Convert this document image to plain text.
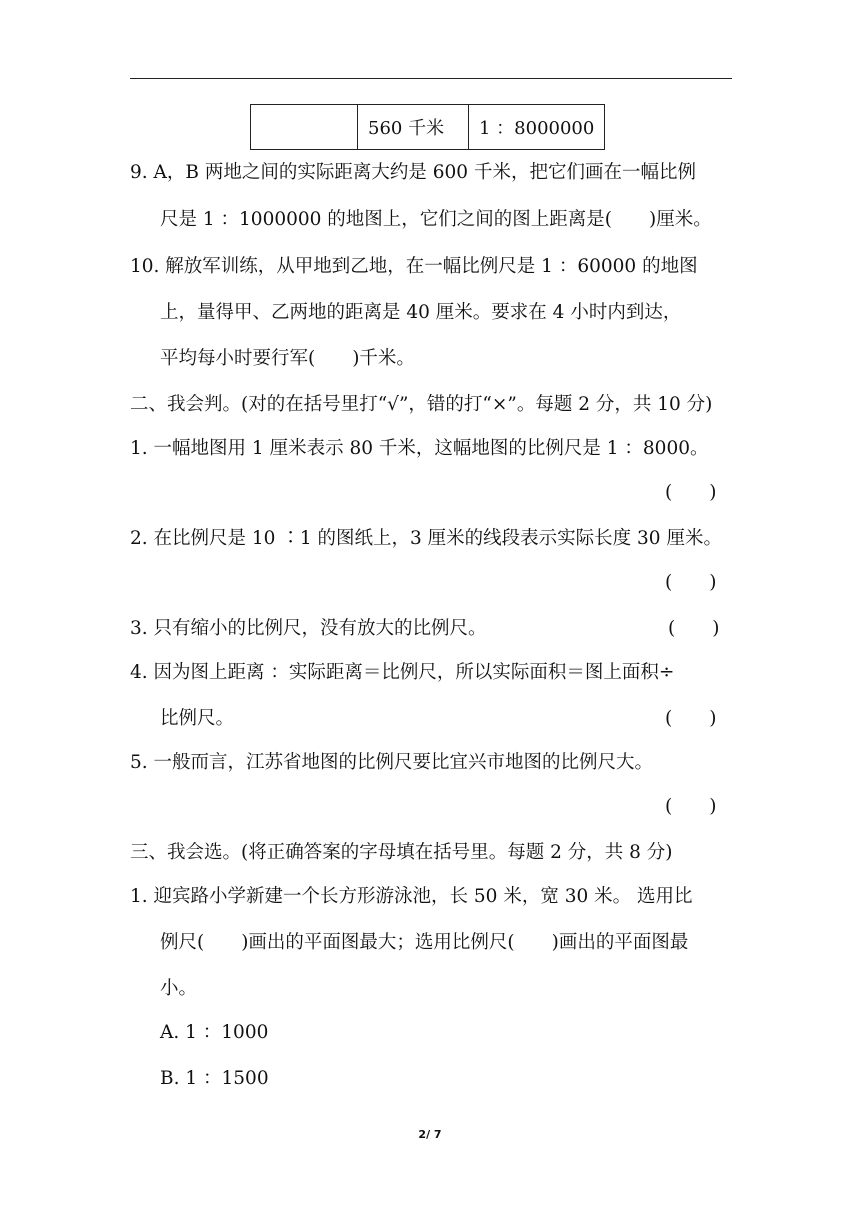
	560 千米	1 ：8000000
9. A，B 两地之间的实际距离大约是 600 千米，把它们画在一幅比例
尺是 1 ：1000000 的地图上，它们之间的图上距离是(　　)厘米。
10. 解放军训练，从甲地到乙地，在一幅比例尺是 1 ：60000 的地图
上，量得甲、乙两地的距离是 40 厘米。要求在 4 小时内到达，
平均每小时要行军(　　)千米。
二、我会判。(对的在括号里打“√”，错的打“×”。每题 2 分，共 10 分)
1. 一幅地图用 1 厘米表示 80 千米，这幅地图的比例尺是 1 ：8000。
(　　)
2. 在比例尺是 10 ∶1 的图纸上，3 厘米的线段表示实际长度 30 厘米。
(　　)
3. 只有缩小的比例尺，没有放大的比例尺。	(　　)
4. 因为图上距离 ：实际距离＝比例尺，所以实际面积＝图上面积÷
比例尺。	(　　)
5. 一般而言，江苏省地图的比例尺要比宜兴市地图的比例尺大。
(　　)
三、我会选。(将正确答案的字母填在括号里。每题 2 分，共 8 分)
1. 迎宾路小学新建一个长方形游泳池，长 50 米，宽 30 米。 选用比
例尺(　　)画出的平面图最大；选用比例尺(　　)画出的平面图最
小。
A. 1 ：1000
B. 1 ：1500
2/ 7
